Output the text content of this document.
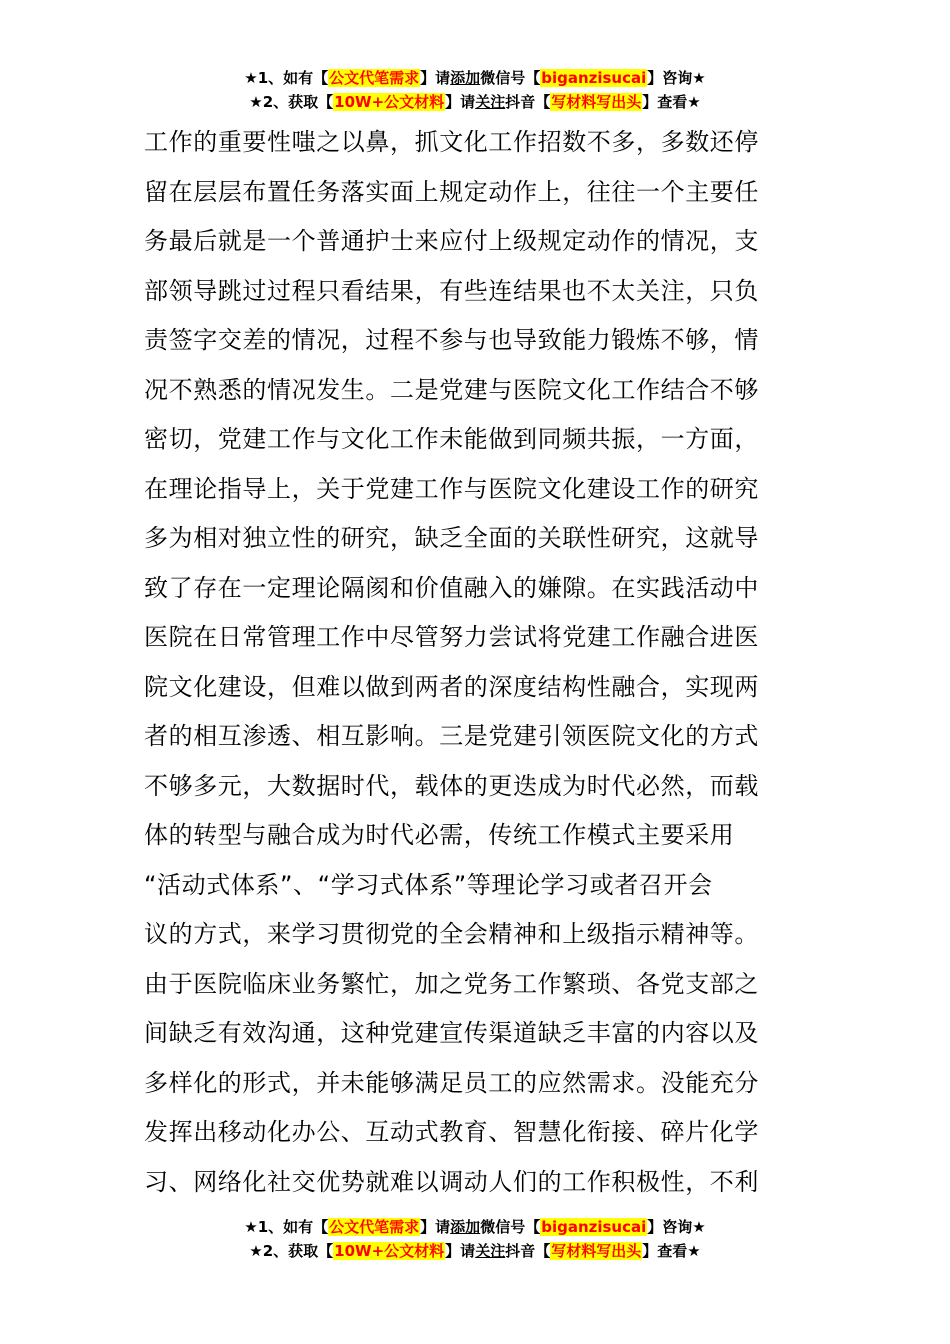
★1、如有【公文代笔需求】请添加微信号【biganzisucai】咨询★
★2、获取【10W+公文材料】请关注抖音【写材料写出头】查看★
工作的重要性嗤之以鼻，抓文化工作招数不多，多数还停
留在层层布置任务落实面上规定动作上，往往一个主要任
务最后就是一个普通护士来应付上级规定动作的情况，支
部领导跳过过程只看结果，有些连结果也不太关注，只负
责签字交差的情况，过程不参与也导致能力锻炼不够，情
况不熟悉的情况发生。二是党建与医院文化工作结合不够
密切，党建工作与文化工作未能做到同频共振，一方面，
在理论指导上，关于党建工作与医院文化建设工作的研究
多为相对独立性的研究，缺乏全面的关联性研究，这就导
致了存在一定理论隔阂和价值融入的嫌隙。在实践活动中
医院在日常管理工作中尽管努力尝试将党建工作融合进医
院文化建设，但难以做到两者的深度结构性融合，实现两
者的相互渗透、相互影响。三是党建引领医院文化的方式
不够多元，大数据时代，载体的更迭成为时代必然，而载
体的转型与融合成为时代必需，传统工作模式主要采用
“活动式体系”、“学习式体系”等理论学习或者召开会
议的方式，来学习贯彻党的全会精神和上级指示精神等。
由于医院临床业务繁忙，加之党务工作繁琐、各党支部之
间缺乏有效沟通，这种党建宣传渠道缺乏丰富的内容以及
多样化的形式，并未能够满足员工的应然需求。没能充分
发挥出移动化办公、互动式教育、智慧化衔接、碎片化学
习、网络化社交优势就难以调动人们的工作积极性，不利
★1、如有【公文代笔需求】请添加微信号【biganzisucai】咨询★
★2、获取【10W+公文材料】请关注抖音【写材料写出头】查看★
